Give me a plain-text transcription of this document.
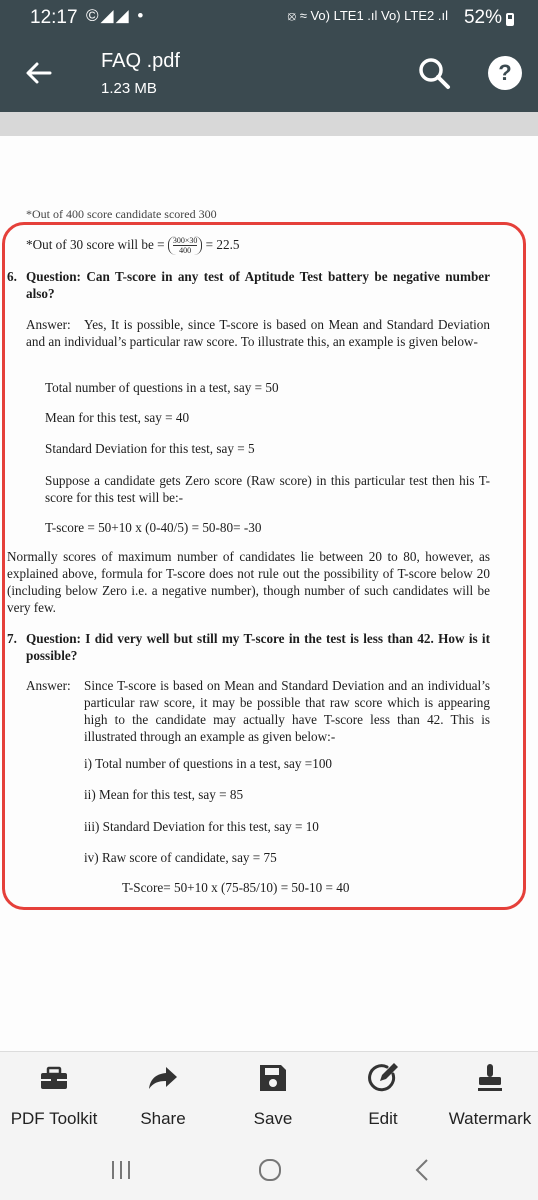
12:17 ©◢◢ •	⦻ ≈ Vo) LTE1 .ıl Vo) LTE2 .ıl 52%
FAQ .pdf
1.23 MB
?
*Out of 400 score candidate scored 300
*Out of 30 score will be = $\frac{300\times 30}{400} = 22.5$
6. Question: Can T-score in any test of Aptitude Test battery be negative number also?
Answer:	Yes, It is possible, since T-score is based on Mean and Standard Deviation and an individual’s particular raw score. To illustrate this, an example is given below-
Total number of questions in a test, say = 50
Mean for this test, say = 40
Standard Deviation for this test, say = 5
Suppose a candidate gets Zero score (Raw score) in this particular test then his T-score for this test will be:-
T-score = 50+10 x (0-40/5) = 50-80= -30
Normally scores of maximum number of candidates lie between 20 to 80, however, as explained above, formula for T-score does not rule out the possibility of T-score below 20 (including below Zero i.e. a negative number), though number of such candidates will be very few.
7. Question: I did very well but still my T-score in the test is less than 42. How is it possible?
Answer: Since T-score is based on Mean and Standard Deviation and an individual’s particular raw score, it may be possible that raw score which is appearing high to the candidate may actually have T-score less than 42. This is illustrated through an example as given below:-
i) Total number of questions in a test, say =100
ii) Mean for this test, say = 85
iii) Standard Deviation for this test, say = 10
iv) Raw score of candidate, say = 75
T-Score= 50+10 x (75-85/10) = 50-10 = 40
PDF Toolkit	Share	Save	Edit	Watermark
